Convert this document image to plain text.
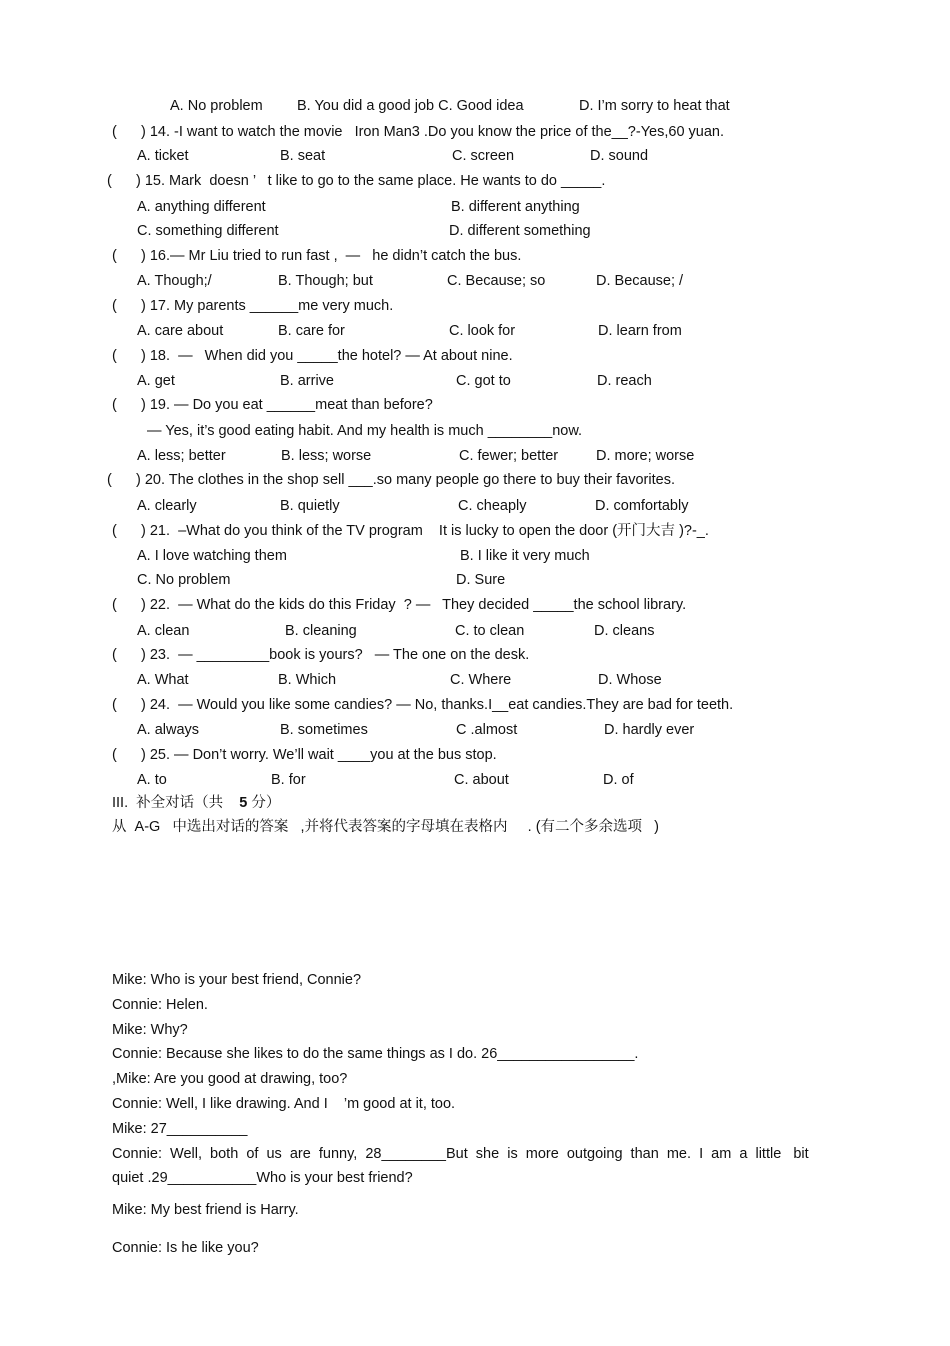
A. No problem B. You did a good job C. Good idea	D. I’m sorry to heat that
(      ) 14. -I want to watch the movie   Iron Man3 .Do you know the price of the__?-Yes,60 yuan.
A. ticket	B. seat	C. screen	D. sound
(      ) 15. Mark  doesn ’   t like to go to the same place. He wants to do _____.
A. anything different	B. different anything
C. something different	D. different something
(      ) 16.— Mr Liu tried to run fast ,  —   he didn’t catch the bus.
A. Though;/	B. Though; but	C. Because; so	D. Because; /
(      ) 17. My parents ______me very much.
A. care about	B. care for	C. look for	D. learn from
(      ) 18.  —   When did you _____the hotel? — At about nine.
A. get	B. arrive	C. got to	D. reach
(      ) 19. — Do you eat ______meat than before?
— Yes, it’s good eating habit. And my health is much ________now.
A. less; better	B. less; worse	C. fewer; better	D. more; worse
(      ) 20. The clothes in the shop sell ___.so many people go there to buy their favorites.
A. clearly	B. quietly	C. cheaply	D. comfortably
(      ) 21.  –What do you think of the TV program    It is lucky to open the door (开门大吉 )?-_.
A. I love watching them	B. I like it very much
C. No problem	D. Sure
(      ) 22.  — What do the kids do this Friday  ? —   They decided _____the school library.
A. clean	B. cleaning	C. to clean	D. cleans
(      ) 23.  — _________book is yours?   — The one on the desk.
A. What	B. Which	C. Where	D. Whose
(      ) 24.  — Would you like some candies? — No, thanks.I__eat candies.They are bad for teeth.
A. always	B. sometimes	C .almost	D. hardly ever
(      ) 25. — Don’t worry. We’ll wait ____you at the bus stop.
A. to	B. for	C. about	D. of
III.  补全对话（共    5 分）
从  A-G   中选出对话的答案   ,并将代表答案的字母填在表格内     . (有二个多余选项   )
Mike: Who is your best friend, Connie?
Connie: Helen.
Mike: Why?
Connie: Because she likes to do the same things as I do. 26_________________.
,Mike: Are you good at drawing, too?
Connie: Well, I like drawing. And I    ’m good at it, too.
Mike: 27__________
Connie:  Well,  both  of  us  are  funny,  28________But  she  is  more  outgoing  than  me.  I  am  a  little   bit
quiet .29___________Who is your best friend?
Mike: My best friend is Harry.
Connie: Is he like you?
